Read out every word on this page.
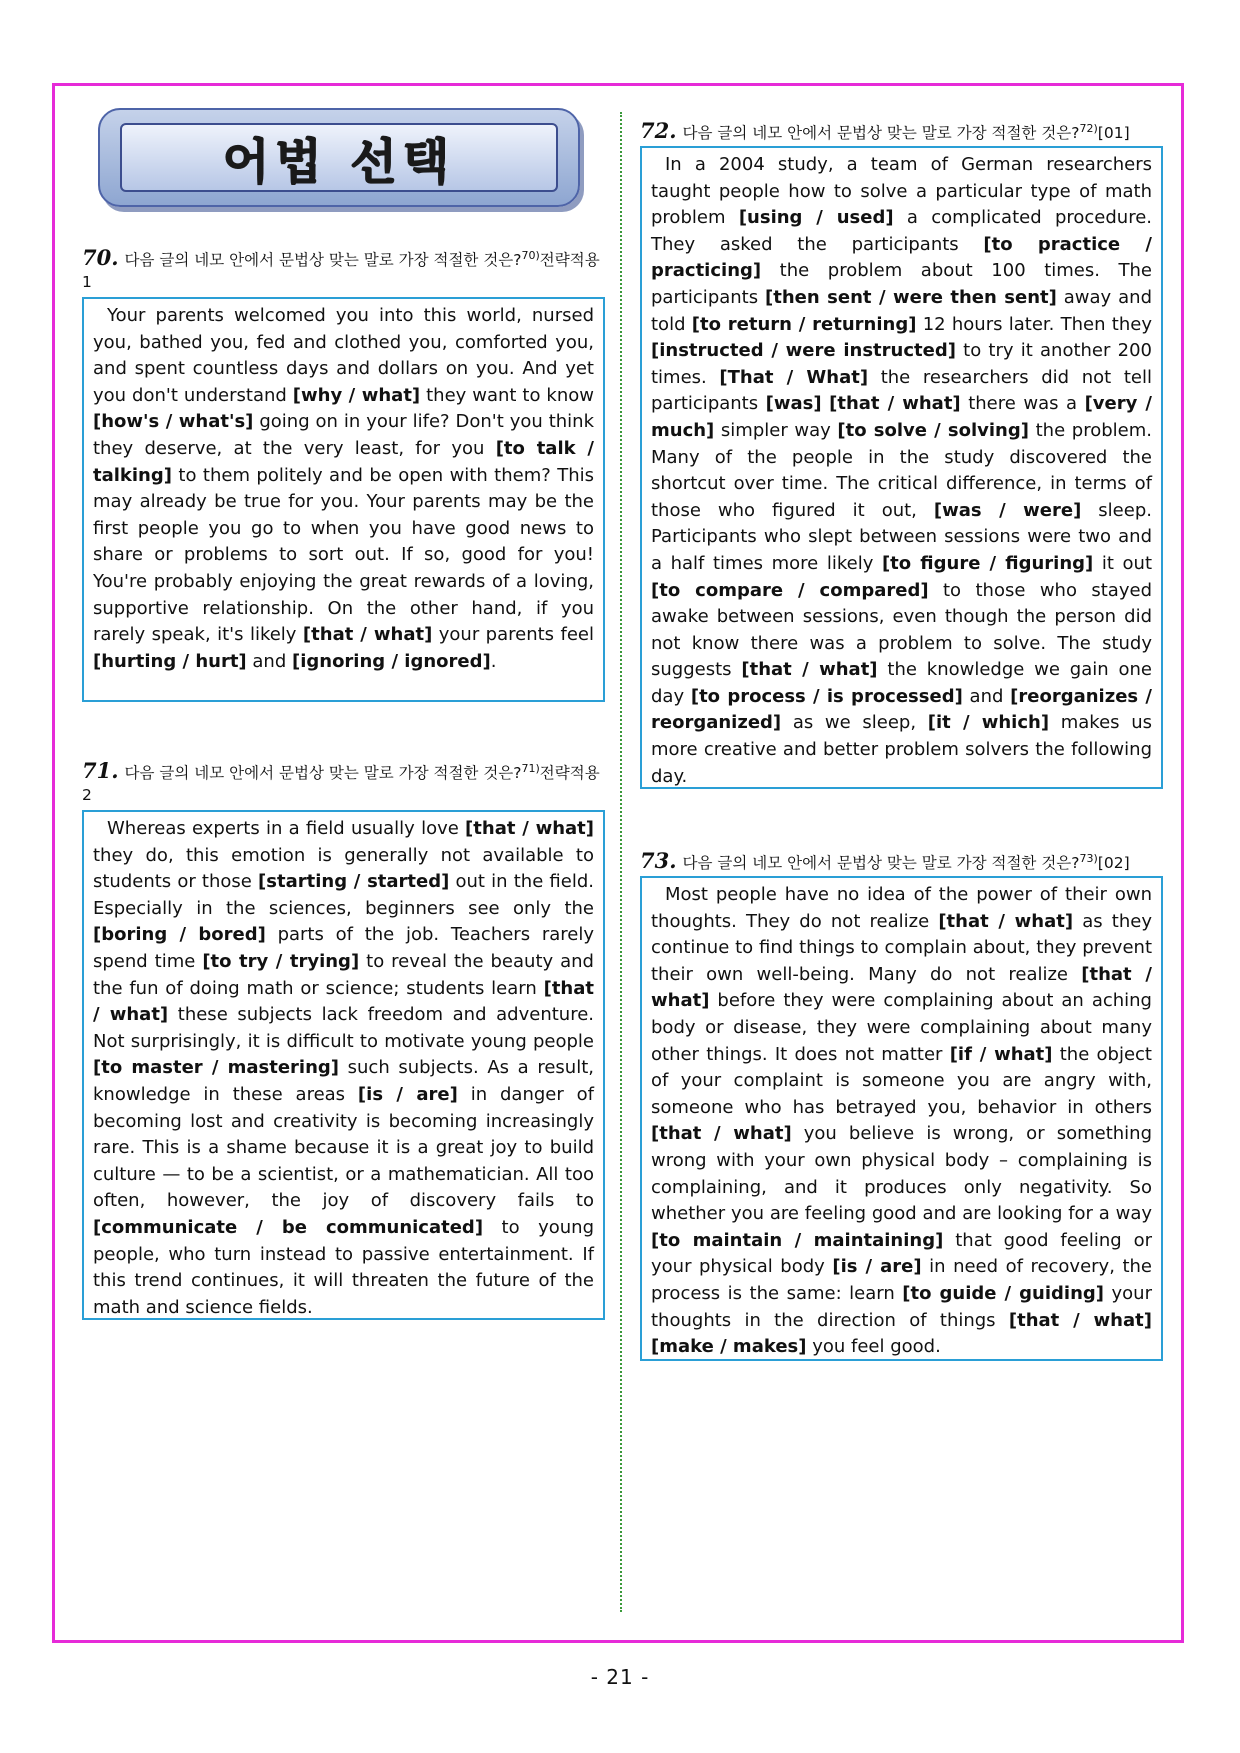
어법 선택
70. 다음 글의 네모 안에서 문법상 맞는 말로 가장 적절한 것은?$^{70)}$전략적용 1

Your parents welcomed you into this world, nursed you, bathed you, fed and clothed you, comforted you, and spent countless days and dollars on you. And yet you don't understand [why / what] they want to know [how's / what's] going on in your life? Don't you think they deserve, at the very least, for you [to talk / talking] to them politely and be open with them? This may already be true for you. Your parents may be the first people you go to when you have good news to share or problems to sort out. If so, good for you! You're probably enjoying the great rewards of a loving, supportive relationship. On the other hand, if you rarely speak, it's likely [that / what] your parents feel [hurting / hurt] and [ignoring / ignored].

71. 다음 글의 네모 안에서 문법상 맞는 말로 가장 적절한 것은?$^{71)}$전략적용 2

Whereas experts in a field usually love [that / what] they do, this emotion is generally not available to students or those [starting / started] out in the field. Especially in the sciences, beginners see only the [boring / bored] parts of the job. Teachers rarely spend time [to try / trying] to reveal the beauty and the fun of doing math or science; students learn [that / what] these subjects lack freedom and adventure. Not surprisingly, it is difficult to motivate young people [to master / mastering] such subjects. As a result, knowledge in these areas [is / are] in danger of becoming lost and creativity is becoming increasingly rare. This is a shame because it is a great joy to build culture — to be a scientist, or a mathematician. All too often, however, the joy of discovery fails to [communicate / be communicated] to young people, who turn instead to passive entertainment. If this trend continues, it will threaten the future of the math and science fields.

72. 다음 글의 네모 안에서 문법상 맞는 말로 가장 적절한 것은?$^{72)}$[01]

In a 2004 study, a team of German researchers taught people how to solve a particular type of math problem [using / used] a complicated procedure. They asked the participants [to practice / practicing] the problem about 100 times. The participants [then sent / were then sent] away and told [to return / returning] 12 hours later. Then they [instructed / were instructed] to try it another 200 times. [That / What] the researchers did not tell participants [was] [that / what] there was a [very / much] simpler way [to solve / solving] the problem. Many of the people in the study discovered the shortcut over time. The critical difference, in terms of those who figured it out, [was / were] sleep. Participants who slept between sessions were two and a half times more likely [to figure / figuring] it out [to compare / compared] to those who stayed awake between sessions, even though the person did not know there was a problem to solve. The study suggests [that / what] the knowledge we gain one day [to process / is processed] and [reorganizes / reorganized] as we sleep, [it / which] makes us more creative and better problem solvers the following day.

73. 다음 글의 네모 안에서 문법상 맞는 말로 가장 적절한 것은?$^{73)}$[02]

Most people have no idea of the power of their own thoughts. They do not realize [that / what] as they continue to find things to complain about, they prevent their own well-being. Many do not realize [that / what] before they were complaining about an aching body or disease, they were complaining about many other things. It does not matter [if / what] the object of your complaint is someone you are angry with, someone who has betrayed you, behavior in others [that / what] you believe is wrong, or something wrong with your own physical body – complaining is complaining, and it produces only negativity. So whether you are feeling good and are looking for a way [to maintain / maintaining] that good feeling or your physical body [is / are] in need of recovery, the process is the same: learn [to guide / guiding] your thoughts in the direction of things [that / what] [make / makes] you feel good.

- 21 -
